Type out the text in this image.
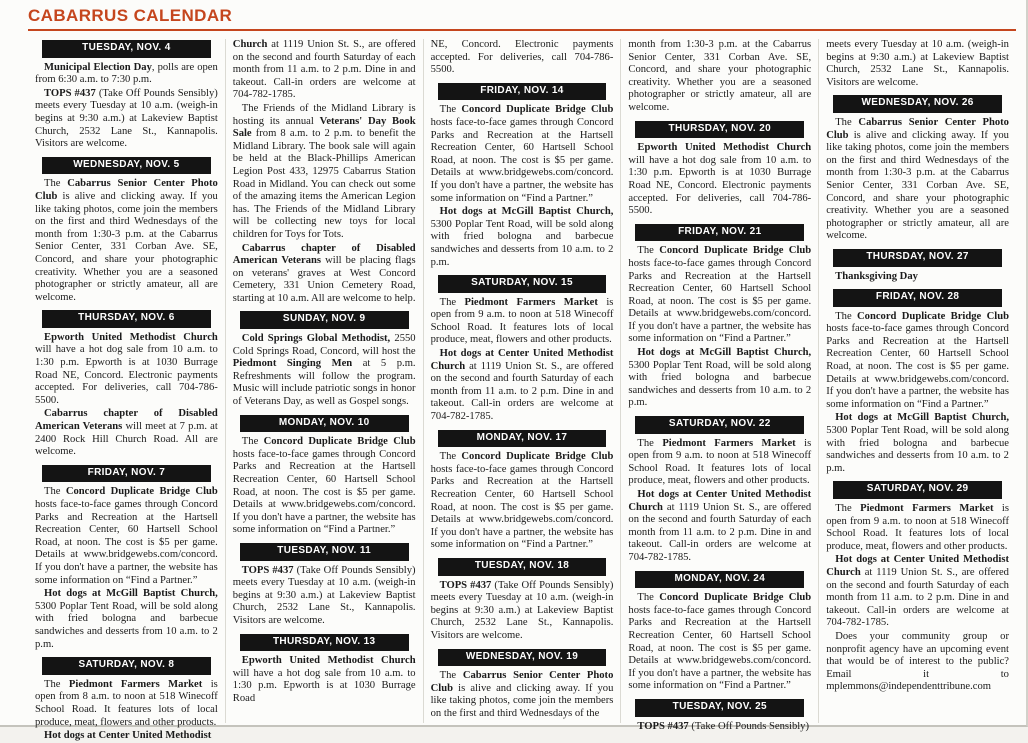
CABARRUS CALENDAR
TUESDAY, NOV. 4

Municipal Election Day, polls are open from 6:30 a.m. to 7:30 p.m.

TOPS #437 (Take Off Pounds Sensibly) meets every Tuesday at 10 a.m. (weigh-in begins at 9:30 a.m.) at Lakeview Baptist Church, 2532 Lane St., Kannapolis. Visitors are welcome.

WEDNESDAY, NOV. 5

The Cabarrus Senior Center Photo Club is alive and clicking away. If you like taking photos, come join the members on the first and third Wednesdays of the month from 1:30-3 p.m. at the Cabarrus Senior Center, 331 Corban Ave. SE, Concord, and share your photographic creativity. Whether you are a seasoned photographer or strictly amateur, all are welcome.

THURSDAY, NOV. 6

Epworth United Methodist Church will have a hot dog sale from 10 a.m. to 1:30 p.m. Epworth is at 1030 Burrage Road NE, Concord. Electronic payments accepted. For deliveries, call 704-786-5500.

Cabarrus chapter of Disabled American Veterans will meet at 7 p.m. at 2400 Rock Hill Church Road. All are welcome.

FRIDAY, NOV. 7

The Concord Duplicate Bridge Club hosts face-to-face games through Concord Parks and Recreation at the Hartsell Recreation Center, 60 Hartsell School Road, at noon. The cost is $5 per game. Details at www.bridgewebs.com/concord. If you don't have a partner, the website has some information on “Find a Partner.”

Hot dogs at McGill Baptist Church, 5300 Poplar Tent Road, will be sold along with fried bologna and barbecue sandwiches and desserts from 10 a.m. to 2 p.m.

SATURDAY, NOV. 8

The Piedmont Farmers Market is open from 8 a.m. to noon at 518 Winecoff School Road. It features lots of local produce, meat, flowers and other products.

Hot dogs at Center United Methodist

Church at 1119 Union St. S., are offered on the second and fourth Saturday of each month from 11 a.m. to 2 p.m. Dine in and takeout. Call-in orders are welcome at 704-782-1785.

The Friends of the Midland Library is hosting its annual Veterans' Day Book Sale from 8 a.m. to 2 p.m. to benefit the Midland Library. The book sale will again be held at the Black-Phillips American Legion Post 433, 12975 Cabarrus Station Road in Midland. You can check out some of the amazing items the American Legion has. The Friends of the Midland Library will be collecting new toys for local children for Toys for Tots.

Cabarrus chapter of Disabled American Veterans will be placing flags on veterans' graves at West Concord Cemetery, 331 Union Cemetery Road, starting at 10 a.m. All are welcome to help.

SUNDAY, NOV. 9

Cold Springs Global Methodist, 2550 Cold Springs Road, Concord, will host the Piedmont Singing Men at 5 p.m. Refreshments will follow the program. Music will include patriotic songs in honor of Veterans Day, as well as Gospel songs.

MONDAY, NOV. 10

The Concord Duplicate Bridge Club hosts face-to-face games through Concord Parks and Recreation at the Hartsell Recreation Center, 60 Hartsell School Road, at noon. The cost is $5 per game. Details at www.bridgewebs.com/concord. If you don't have a partner, the website has some information on “Find a Partner.”

TUESDAY, NOV. 11

TOPS #437 (Take Off Pounds Sensibly) meets every Tuesday at 10 a.m. (weigh-in begins at 9:30 a.m.) at Lakeview Baptist Church, 2532 Lane St., Kannapolis. Visitors are welcome.

THURSDAY, NOV. 13

Epworth United Methodist Church will have a hot dog sale from 10 a.m. to 1:30 p.m. Epworth is at 1030 Burrage Road

NE, Concord. Electronic payments accepted. For deliveries, call 704-786-5500.

FRIDAY, NOV. 14

The Concord Duplicate Bridge Club hosts face-to-face games through Concord Parks and Recreation at the Hartsell Recreation Center, 60 Hartsell School Road, at noon. The cost is $5 per game. Details at www.bridgewebs.com/concord. If you don't have a partner, the website has some information on “Find a Partner.”

Hot dogs at McGill Baptist Church, 5300 Poplar Tent Road, will be sold along with fried bologna and barbecue sandwiches and desserts from 10 a.m. to 2 p.m.

SATURDAY, NOV. 15

The Piedmont Farmers Market is open from 9 a.m. to noon at 518 Winecoff School Road. It features lots of local produce, meat, flowers and other products.

Hot dogs at Center United Methodist Church at 1119 Union St. S., are offered on the second and fourth Saturday of each month from 11 a.m. to 2 p.m. Dine in and takeout. Call-in orders are welcome at 704-782-1785.

MONDAY, NOV. 17

The Concord Duplicate Bridge Club hosts face-to-face games through Concord Parks and Recreation at the Hartsell Recreation Center, 60 Hartsell School Road, at noon. The cost is $5 per game. Details at www.bridgewebs.com/concord. If you don't have a partner, the website has some information on “Find a Partner.”

TUESDAY, NOV. 18

TOPS #437 (Take Off Pounds Sensibly) meets every Tuesday at 10 a.m. (weigh-in begins at 9:30 a.m.) at Lakeview Baptist Church, 2532 Lane St., Kannapolis. Visitors are welcome.

WEDNESDAY, NOV. 19

The Cabarrus Senior Center Photo Club is alive and clicking away. If you like taking photos, come join the members on the first and third Wednesdays of the

month from 1:30-3 p.m. at the Cabarrus Senior Center, 331 Corban Ave. SE, Concord, and share your photographic creativity. Whether you are a seasoned photographer or strictly amateur, all are welcome.

THURSDAY, NOV. 20

Epworth United Methodist Church will have a hot dog sale from 10 a.m. to 1:30 p.m. Epworth is at 1030 Burrage Road NE, Concord. Electronic payments accepted. For deliveries, call 704-786-5500.

FRIDAY, NOV. 21

The Concord Duplicate Bridge Club hosts face-to-face games through Concord Parks and Recreation at the Hartsell Recreation Center, 60 Hartsell School Road, at noon. The cost is $5 per game. Details at www.bridgewebs.com/concord. If you don't have a partner, the website has some information on “Find a Partner.”

Hot dogs at McGill Baptist Church, 5300 Poplar Tent Road, will be sold along with fried bologna and barbecue sandwiches and desserts from 10 a.m. to 2 p.m.

SATURDAY, NOV. 22

The Piedmont Farmers Market is open from 9 a.m. to noon at 518 Winecoff School Road. It features lots of local produce, meat, flowers and other products.

Hot dogs at Center United Methodist Church at 1119 Union St. S., are offered on the second and fourth Saturday of each month from 11 a.m. to 2 p.m. Dine in and takeout. Call-in orders are welcome at 704-782-1785.

MONDAY, NOV. 24

The Concord Duplicate Bridge Club hosts face-to-face games through Concord Parks and Recreation at the Hartsell Recreation Center, 60 Hartsell School Road, at noon. The cost is $5 per game. Details at www.bridgewebs.com/concord. If you don't have a partner, the website has some information on “Find a Partner.”

TUESDAY, NOV. 25

TOPS #437 (Take Off Pounds Sensibly)

meets every Tuesday at 10 a.m. (weigh-in begins at 9:30 a.m.) at Lakeview Baptist Church, 2532 Lane St., Kannapolis. Visitors are welcome.

WEDNESDAY, NOV. 26

The Cabarrus Senior Center Photo Club is alive and clicking away. If you like taking photos, come join the members on the first and third Wednesdays of the month from 1:30-3 p.m. at the Cabarrus Senior Center, 331 Corban Ave. SE, Concord, and share your photographic creativity. Whether you are a seasoned photographer or strictly amateur, all are welcome.

THURSDAY, NOV. 27

Thanksgiving Day

FRIDAY, NOV. 28

The Concord Duplicate Bridge Club hosts face-to-face games through Concord Parks and Recreation at the Hartsell Recreation Center, 60 Hartsell School Road, at noon. The cost is $5 per game. Details at www.bridgewebs.com/concord. If you don't have a partner, the website has some information on “Find a Partner.”

Hot dogs at McGill Baptist Church, 5300 Poplar Tent Road, will be sold along with fried bologna and barbecue sandwiches and desserts from 10 a.m. to 2 p.m.

SATURDAY, NOV. 29

The Piedmont Farmers Market is open from 9 a.m. to noon at 518 Winecoff School Road. It features lots of local produce, meat, flowers and other products.

Hot dogs at Center United Methodist Church at 1119 Union St. S., are offered on the second and fourth Saturday of each month from 11 a.m. to 2 p.m. Dine in and takeout. Call-in orders are welcome at 704-782-1785.

Does your community group or nonprofit agency have an upcoming event that would be of interest to the public? Email it to mplemmons@independenttribune.com
